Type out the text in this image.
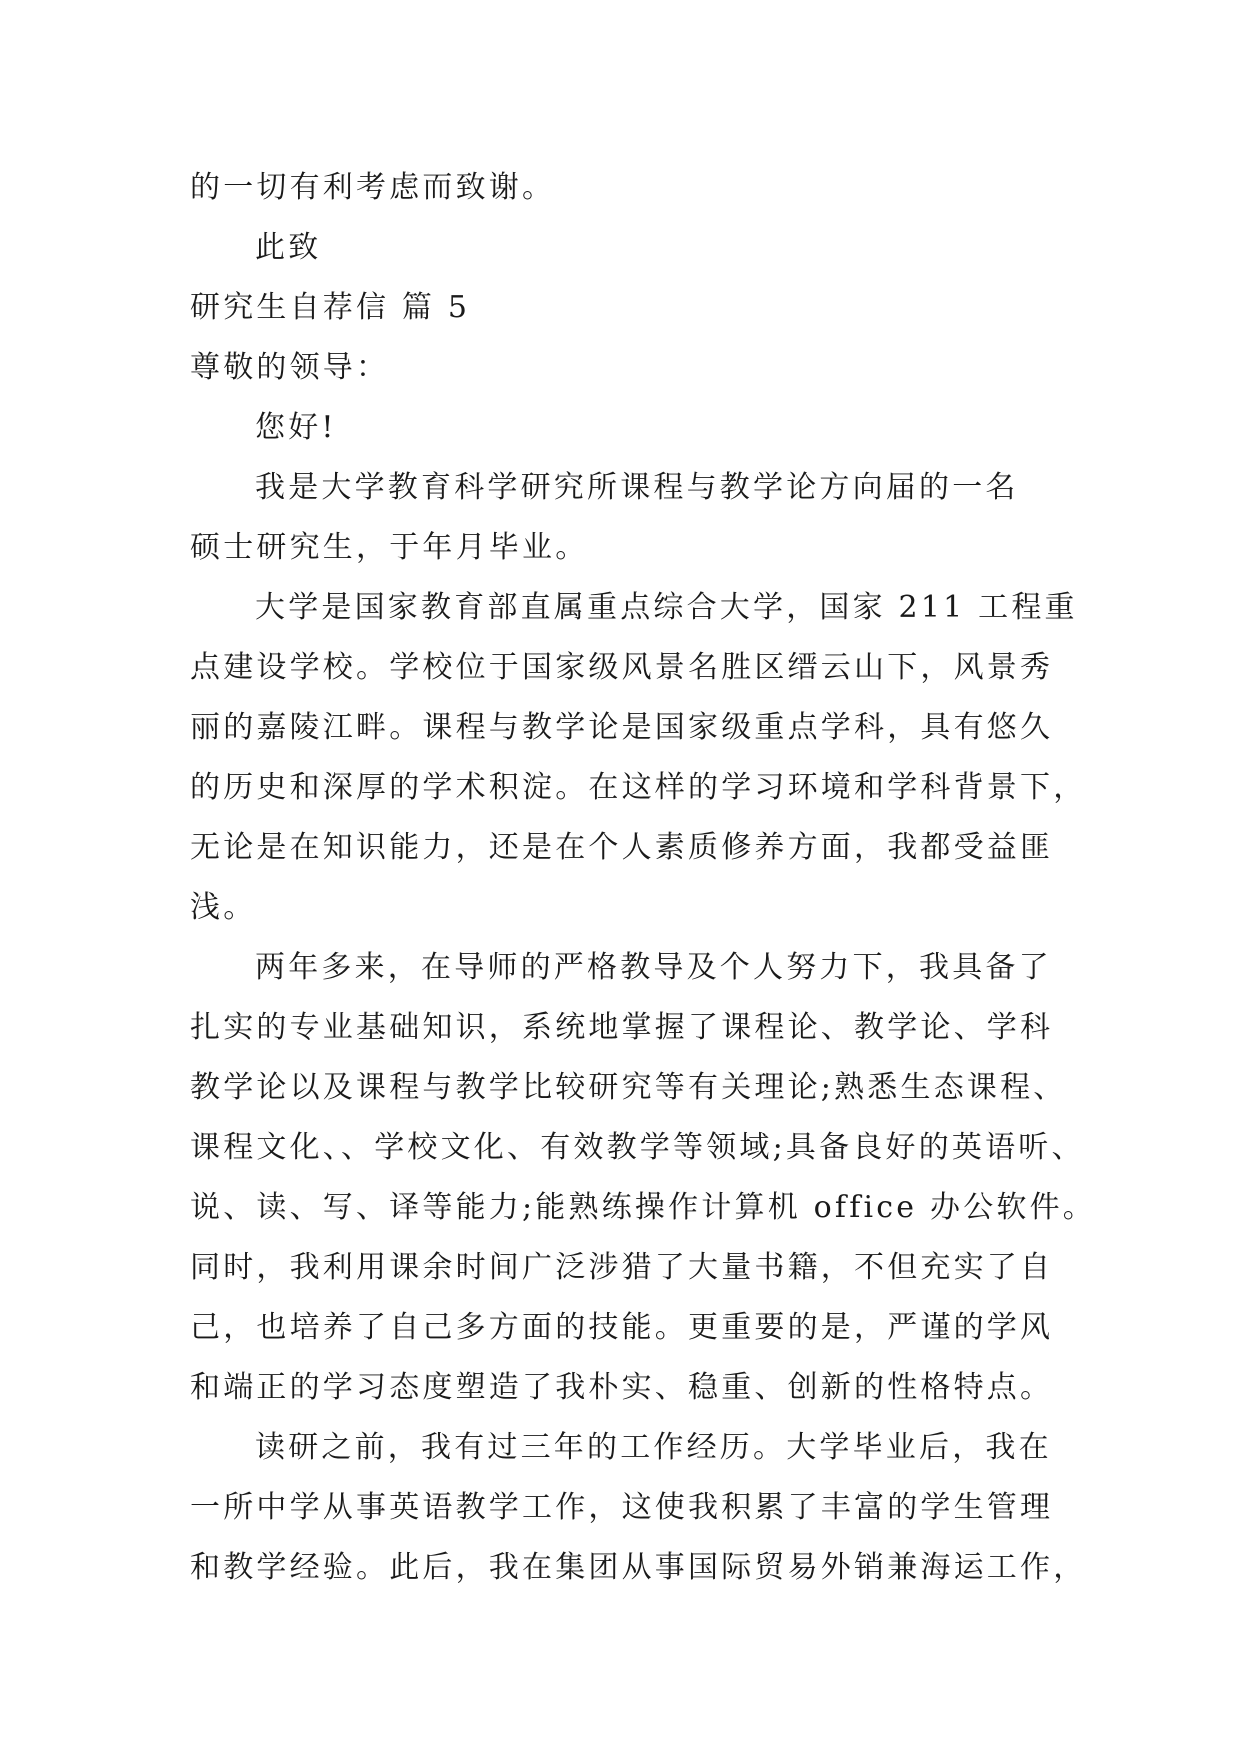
的一切有利考虑而致谢。
此致
研究生自荐信 篇 5
尊敬的领导：
您好!
我是大学教育科学研究所课程与教学论方向届的一名
硕士研究生，于年月毕业。
大学是国家教育部直属重点综合大学，国家 211 工程重
点建设学校。学校位于国家级风景名胜区缙云山下，风景秀
丽的嘉陵江畔。课程与教学论是国家级重点学科，具有悠久
的历史和深厚的学术积淀。在这样的学习环境和学科背景下，
无论是在知识能力，还是在个人素质修养方面，我都受益匪
浅。
两年多来，在导师的严格教导及个人努力下，我具备了
扎实的专业基础知识，系统地掌握了课程论、教学论、学科
教学论以及课程与教学比较研究等有关理论;熟悉生态课程、
课程文化、、学校文化、有效教学等领域;具备良好的英语听、
说、读、写、译等能力;能熟练操作计算机 office 办公软件。
同时，我利用课余时间广泛涉猎了大量书籍，不但充实了自
己，也培养了自己多方面的技能。更重要的是，严谨的学风
和端正的学习态度塑造了我朴实、稳重、创新的性格特点。
读研之前，我有过三年的工作经历。大学毕业后，我在
一所中学从事英语教学工作，这使我积累了丰富的学生管理
和教学经验。此后，我在集团从事国际贸易外销兼海运工作，
